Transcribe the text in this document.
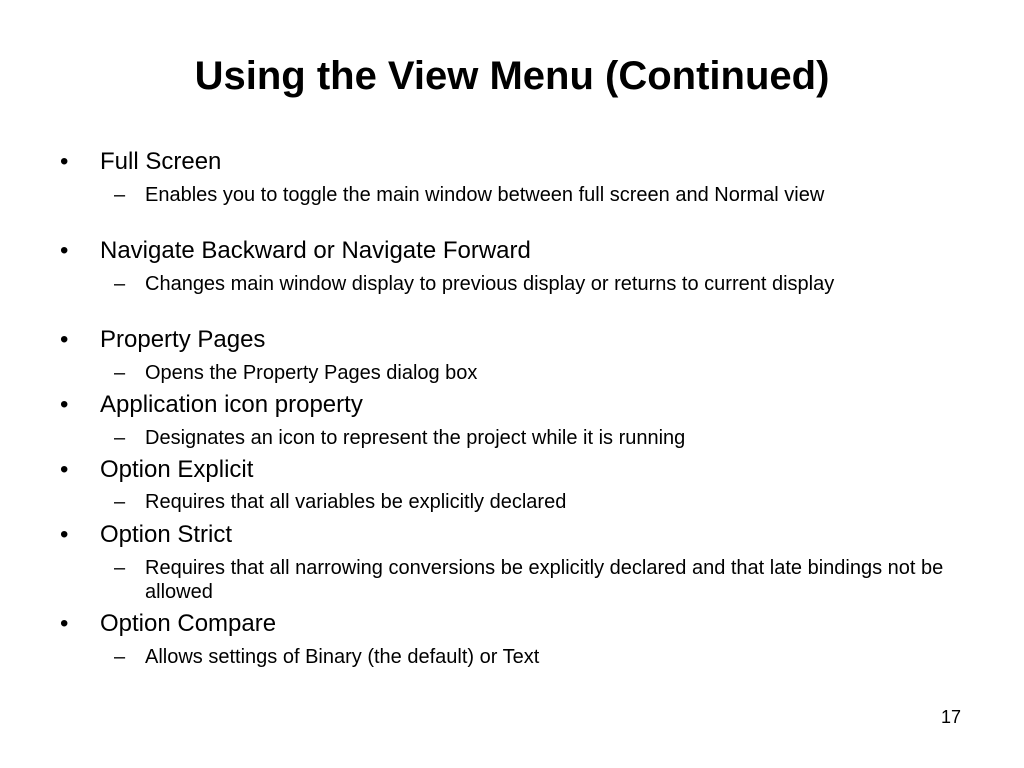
Using the View Menu (Continued)
•	Full Screen
– Enables you to toggle the main window between full screen and Normal view
•	Navigate Backward or Navigate Forward
– Changes main window display to previous display or returns to current display
•	Property Pages
– Opens the Property Pages dialog box
•	Application icon property
– Designates an icon to represent the project while it is running
•	Option Explicit
– Requires that all variables be explicitly declared
•	Option Strict
– Requires that all narrowing conversions be explicitly declared and that late bindings not be allowed
•	Option Compare
– Allows settings of Binary (the default) or Text
17
